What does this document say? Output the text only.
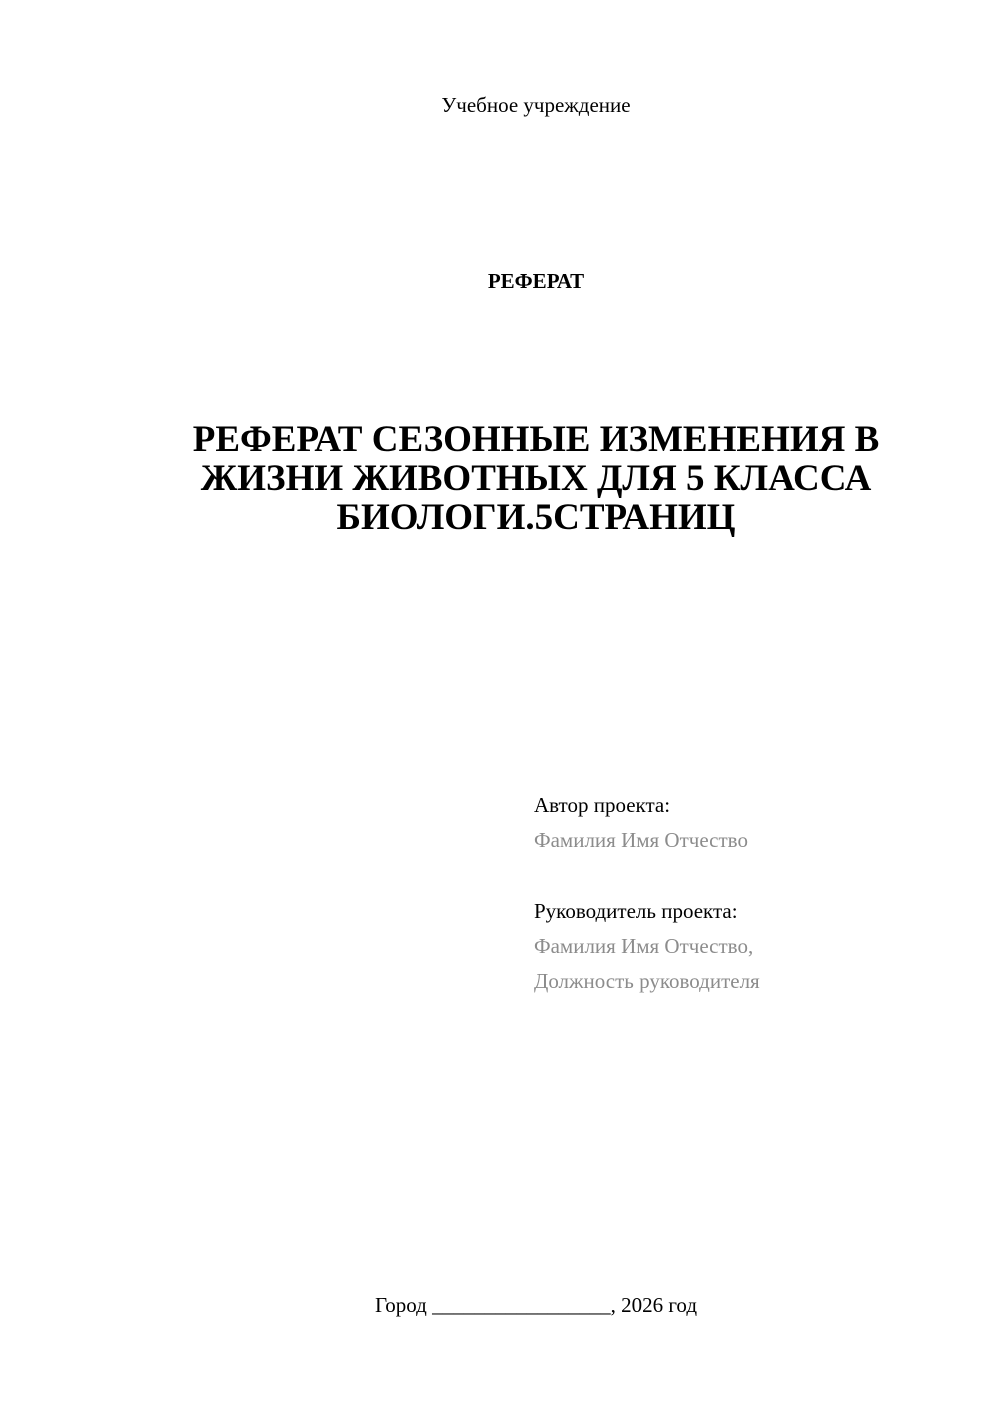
Учебное учреждение
РЕФЕРАТ
РЕФЕРАТ СЕЗОННЫЕ ИЗМЕНЕНИЯ В
ЖИЗНИ ЖИВОТНЫХ ДЛЯ 5 КЛАССА
БИОЛОГИ.5СТРАНИЦ
Автор проекта:
Фамилия Имя Отчество
Руководитель проекта:
Фамилия Имя Отчество,
Должность руководителя
Город _________________, 2026 год
